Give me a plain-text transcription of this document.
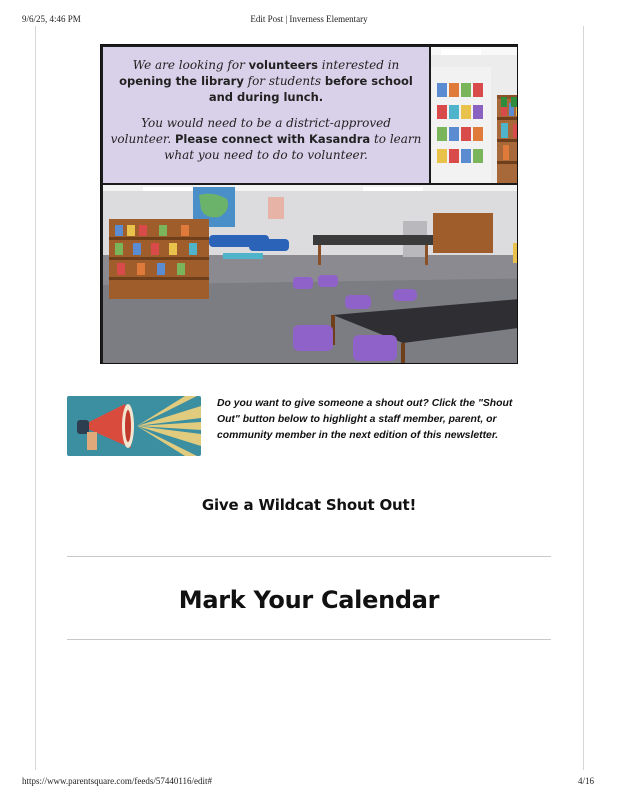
9/6/25, 4:46 PM	Edit Post | Inverness Elementary
We are looking for volunteers interested in opening the library for students before school and during lunch.
You would need to be a district-approved volunteer. Please connect with Kasandra to learn what you need to do to volunteer.
Do you want to give someone a shout out? Click the "Shout Out" button below to highlight a staff member, parent, or community member in the next edition of this newsletter.
Give a Wildcat Shout Out!
Mark Your Calendar
https://www.parentsquare.com/feeds/57440116/edit#	4/16
